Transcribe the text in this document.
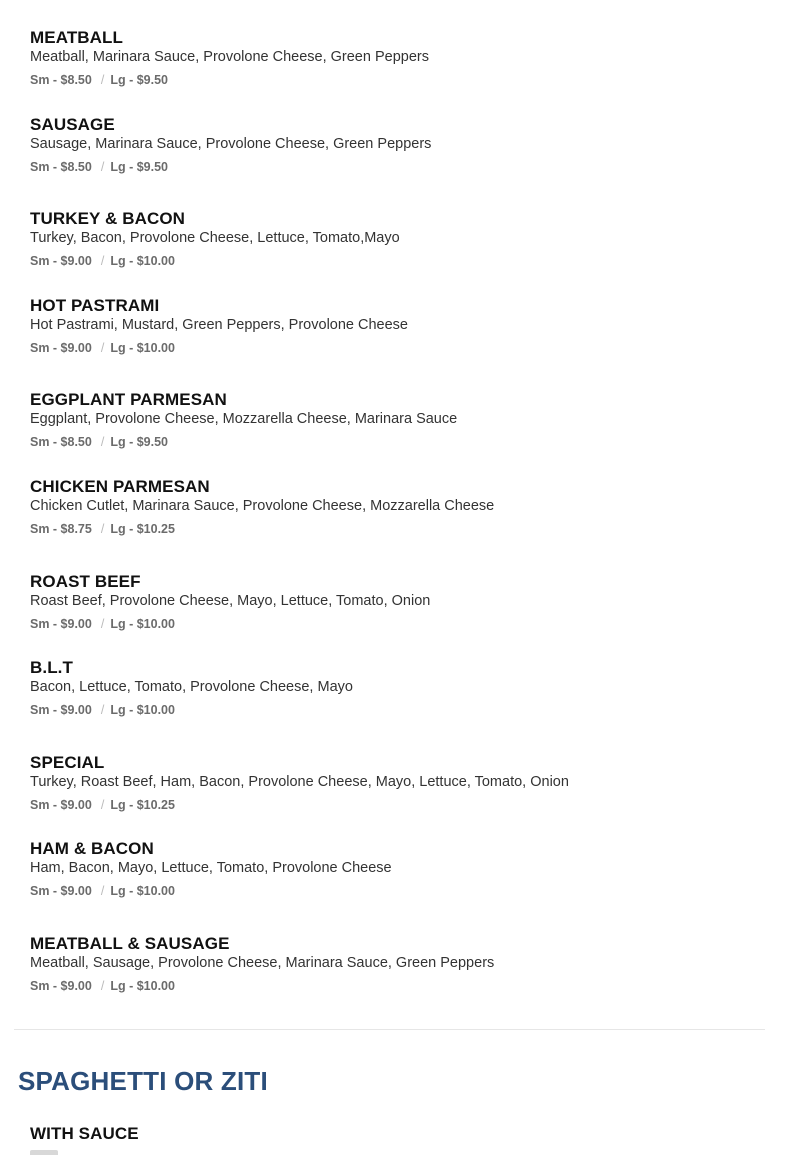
MEATBALL
Meatball, Marinara Sauce, Provolone Cheese, Green Peppers
Sm - $8.50 / Lg - $9.50
SAUSAGE
Sausage, Marinara Sauce, Provolone Cheese, Green Peppers
Sm - $8.50 / Lg - $9.50
TURKEY & BACON
Turkey, Bacon, Provolone Cheese, Lettuce, Tomato,Mayo
Sm - $9.00 / Lg - $10.00
HOT PASTRAMI
Hot Pastrami, Mustard, Green Peppers, Provolone Cheese
Sm - $9.00 / Lg - $10.00
EGGPLANT PARMESAN
Eggplant, Provolone Cheese, Mozzarella Cheese, Marinara Sauce
Sm - $8.50 / Lg - $9.50
CHICKEN PARMESAN
Chicken Cutlet, Marinara Sauce, Provolone Cheese, Mozzarella Cheese
Sm - $8.75 / Lg - $10.25
ROAST BEEF
Roast Beef, Provolone Cheese, Mayo, Lettuce, Tomato, Onion
Sm - $9.00 / Lg - $10.00
B.L.T
Bacon, Lettuce, Tomato, Provolone Cheese, Mayo
Sm - $9.00 / Lg - $10.00
SPECIAL
Turkey, Roast Beef, Ham, Bacon, Provolone Cheese, Mayo, Lettuce, Tomato, Onion
Sm - $9.00 / Lg - $10.25
HAM & BACON
Ham, Bacon, Mayo, Lettuce, Tomato, Provolone Cheese
Sm - $9.00 / Lg - $10.00
MEATBALL & SAUSAGE
Meatball, Sausage, Provolone Cheese, Marinara Sauce, Green Peppers
Sm - $9.00 / Lg - $10.00
SPAGHETTI OR ZITI
WITH SAUCE
